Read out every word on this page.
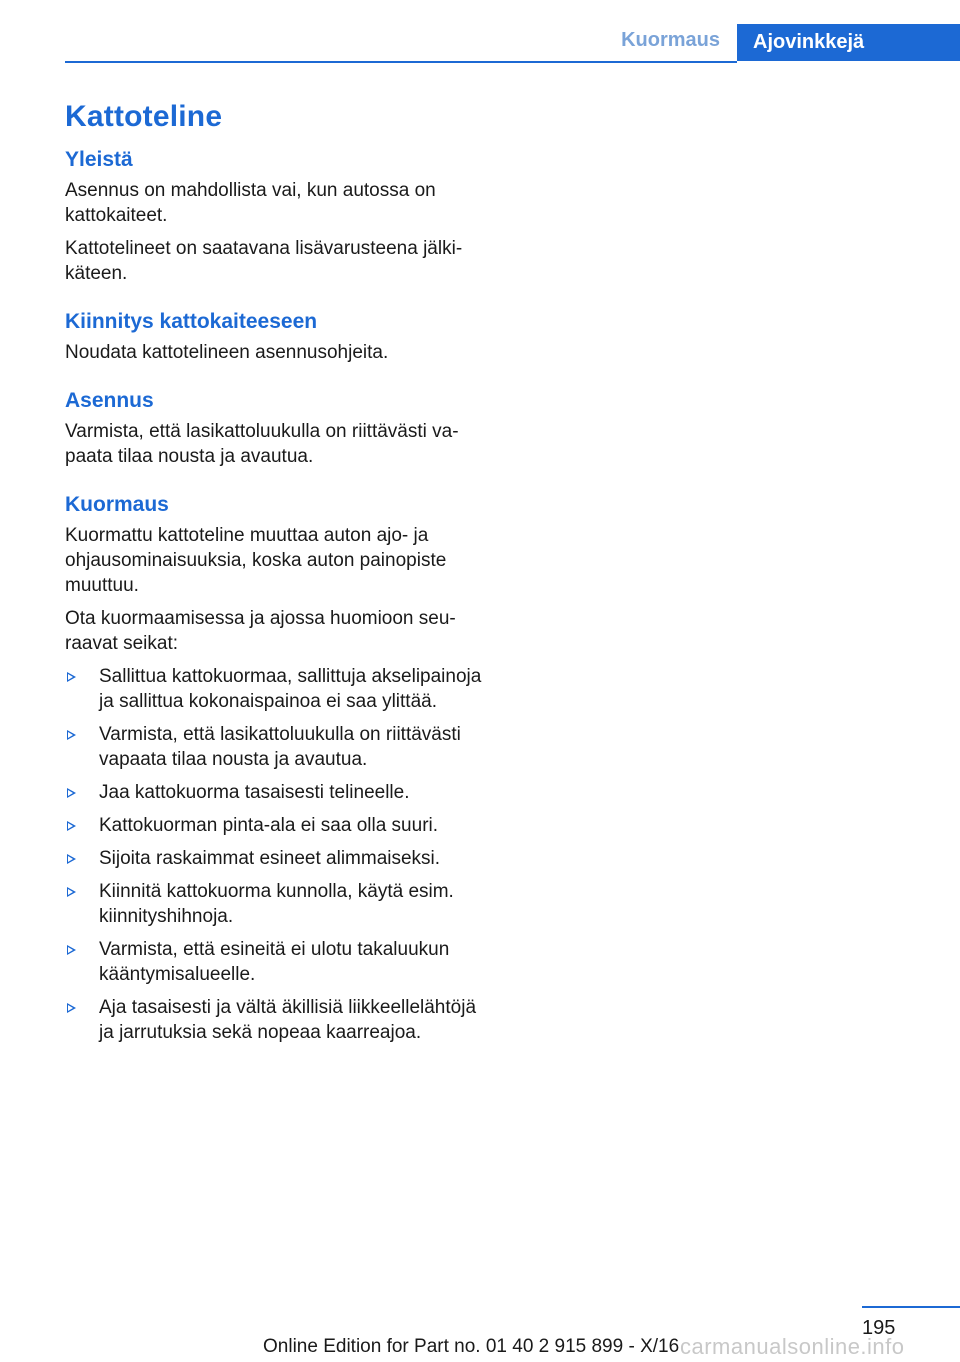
Kuormaus	Ajovinkkejä
Kattoteline
Yleistä

Asennus on mahdollista vai, kun autossa on kattokaiteet.

Kattotelineet on saatavana lisävarusteena jälkikäteen.

Kiinnitys kattokaiteeseen

Noudata kattotelineen asennusohjeita.

Asennus

Varmista, että lasikattoluukulla on riittävästi vapaata tilaa nousta ja avautua.

Kuormaus

Kuormattu kattoteline muuttaa auton ajo- ja ohjausominaisuuksia, koska auton painopiste muuttuu.

Ota kuormaamisessa ja ajossa huomioon seuraavat seikat:

Sallittua kattokuormaa, sallittuja akselipainoja ja sallittua kokonaispainoa ei saa ylittää.
Varmista, että lasikattoluukulla on riittävästi vapaata tilaa nousta ja avautua.
Jaa kattokuorma tasaisesti telineelle.
Kattokuorman pinta-ala ei saa olla suuri.
Sijoita raskaimmat esineet alimmaiseksi.
Kiinnitä kattokuorma kunnolla, käytä esim. kiinnityshihnoja.
Varmista, että esineitä ei ulotu takaluukun kääntymisalueelle.
Aja tasaisesti ja vältä äkillisiä liikkeellelähtöjä ja jarrutuksia sekä nopeaa kaarreajoa.
195
Online Edition for Part no. 01 40 2 915 899 - X/16 carmanualsonline.info
